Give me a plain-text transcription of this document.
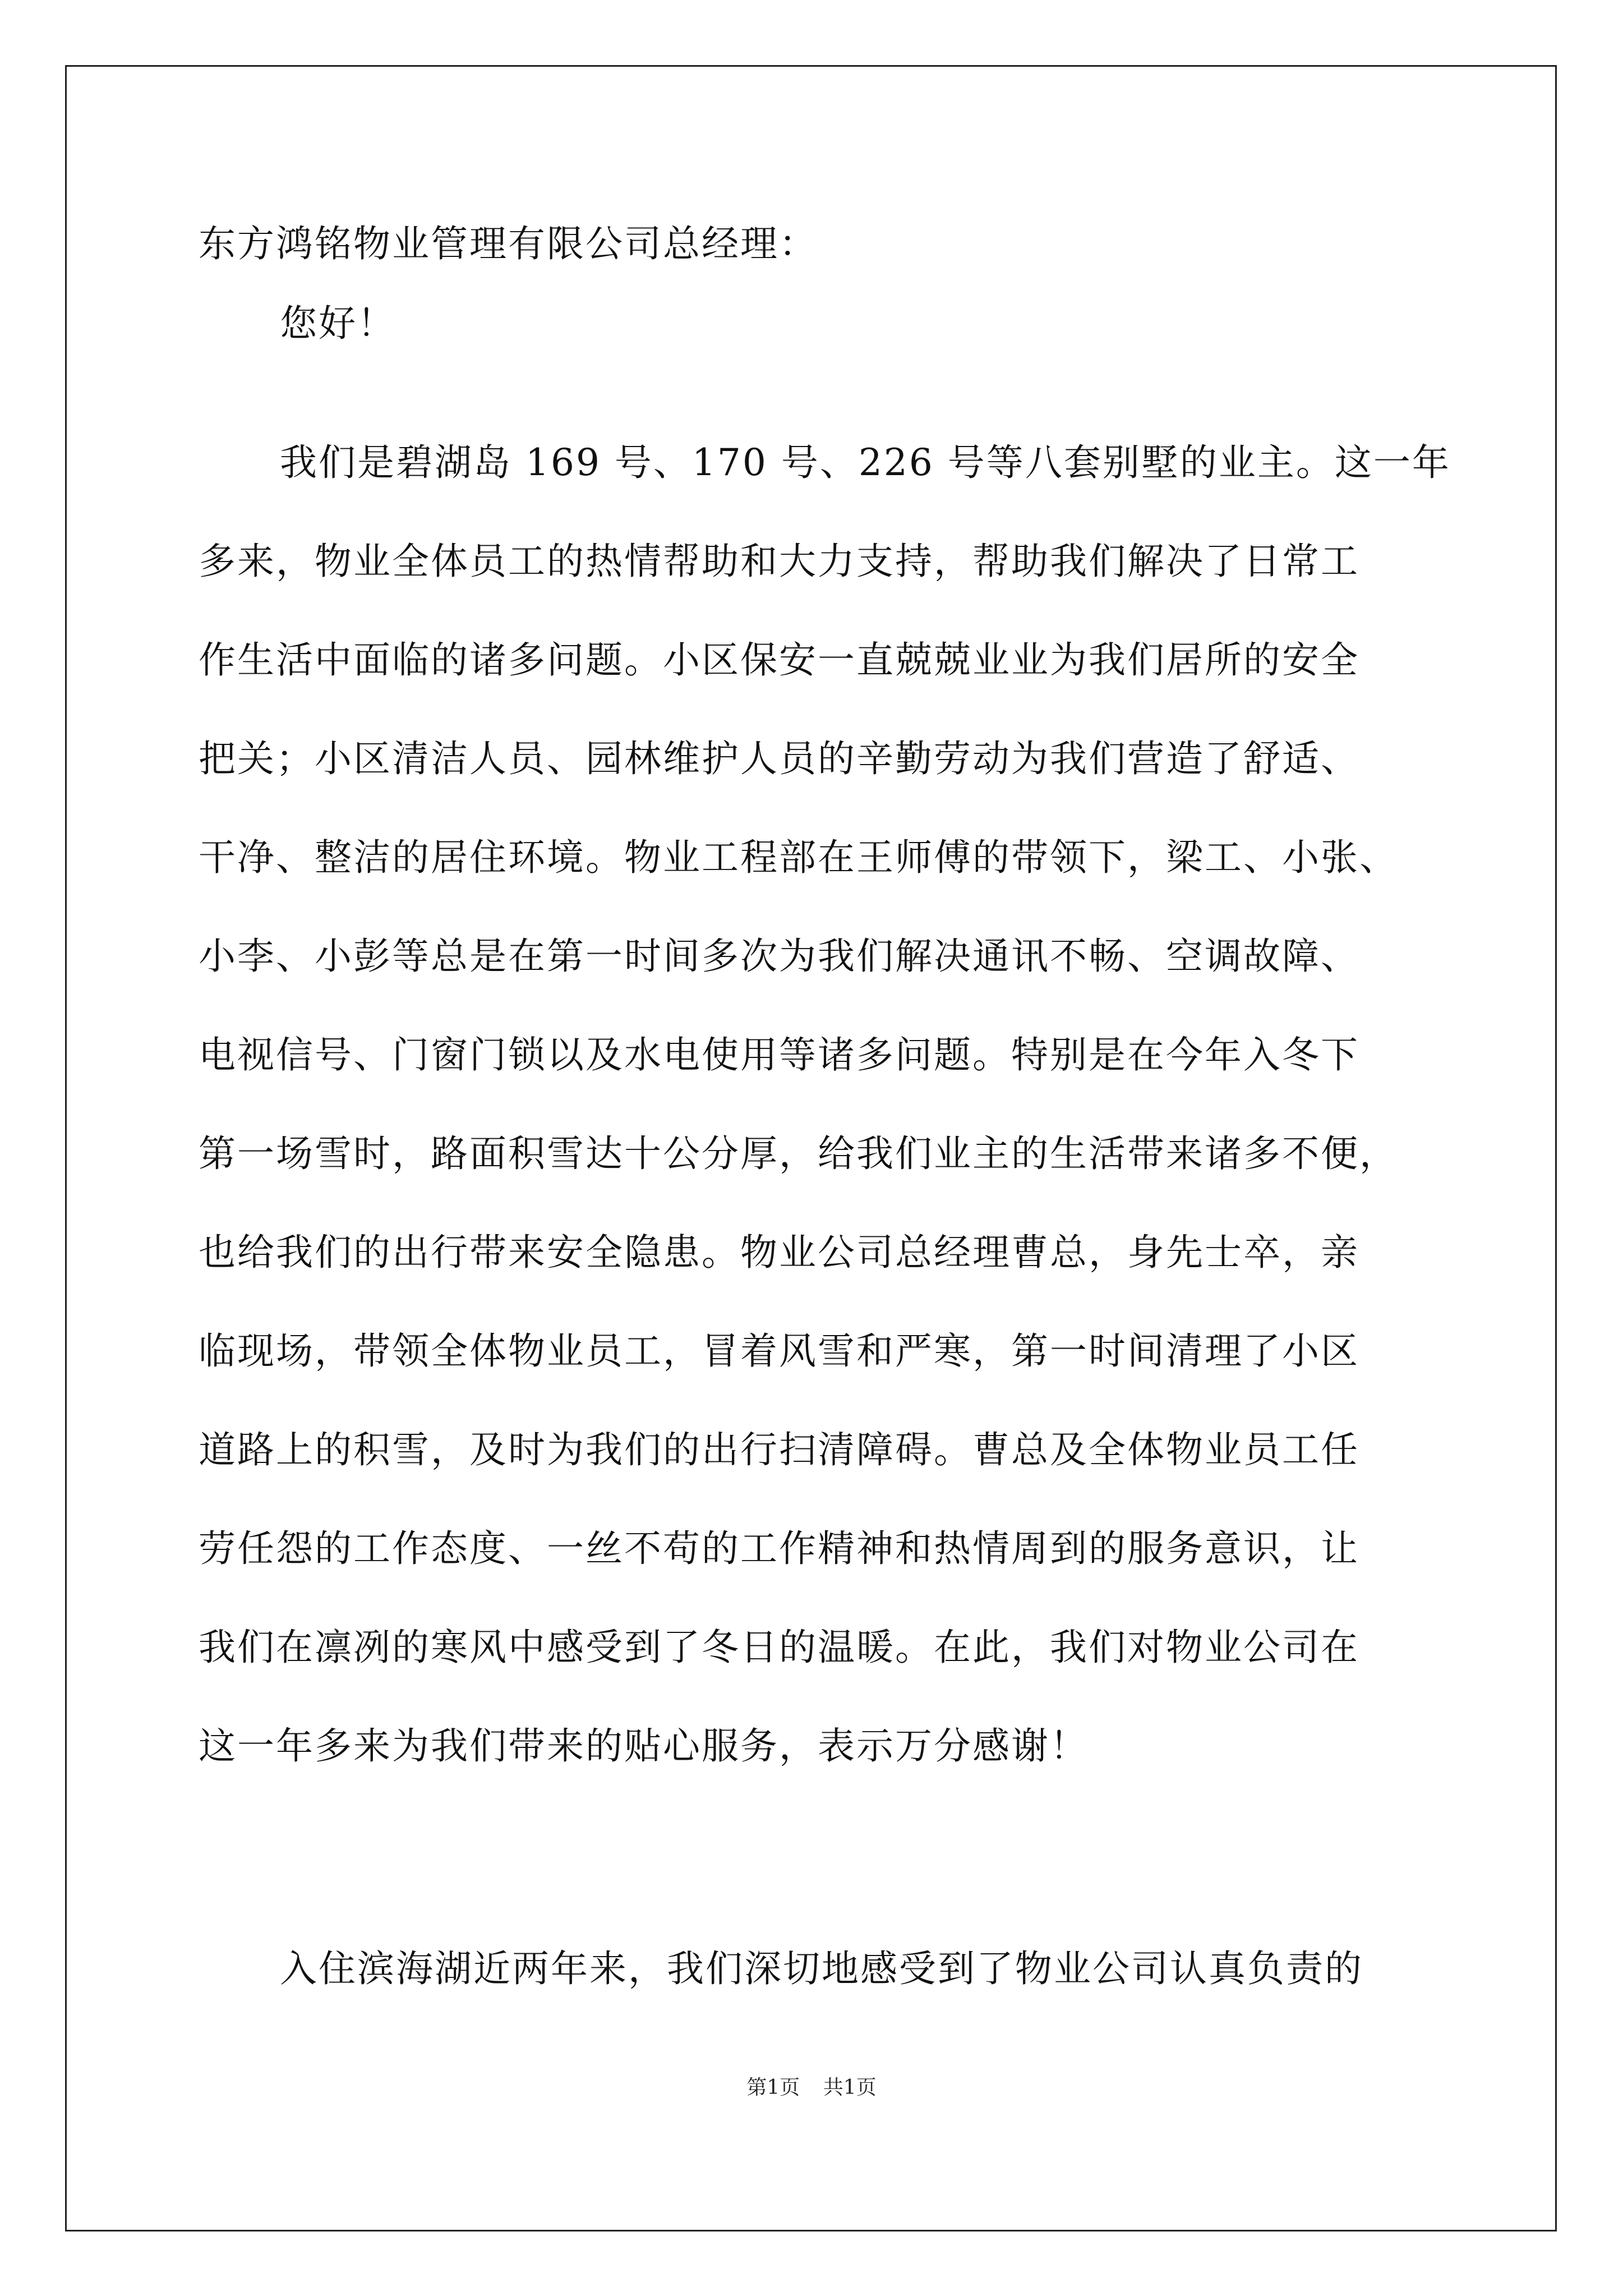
东方鸿铭物业管理有限公司总经理：
您好！
我们是碧湖岛 169 号、170 号、226 号等八套别墅的业主。这一年
多来，物业全体员工的热情帮助和大力支持，帮助我们解决了日常工
作生活中面临的诸多问题。小区保安一直兢兢业业为我们居所的安全
把关；小区清洁人员、园林维护人员的辛勤劳动为我们营造了舒适、
干净、整洁的居住环境。物业工程部在王师傅的带领下，梁工、小张、
小李、小彭等总是在第一时间多次为我们解决通讯不畅、空调故障、
电视信号、门窗门锁以及水电使用等诸多问题。特别是在今年入冬下
第一场雪时，路面积雪达十公分厚，给我们业主的生活带来诸多不便，
也给我们的出行带来安全隐患。物业公司总经理曹总，身先士卒，亲
临现场，带领全体物业员工，冒着风雪和严寒，第一时间清理了小区
道路上的积雪，及时为我们的出行扫清障碍。曹总及全体物业员工任
劳任怨的工作态度、一丝不苟的工作精神和热情周到的服务意识，让
我们在凛冽的寒风中感受到了冬日的温暖。在此，我们对物业公司在
这一年多来为我们带来的贴心服务，表示万分感谢！
入住滨海湖近两年来，我们深切地感受到了物业公司认真负责的
第1页 共1页
